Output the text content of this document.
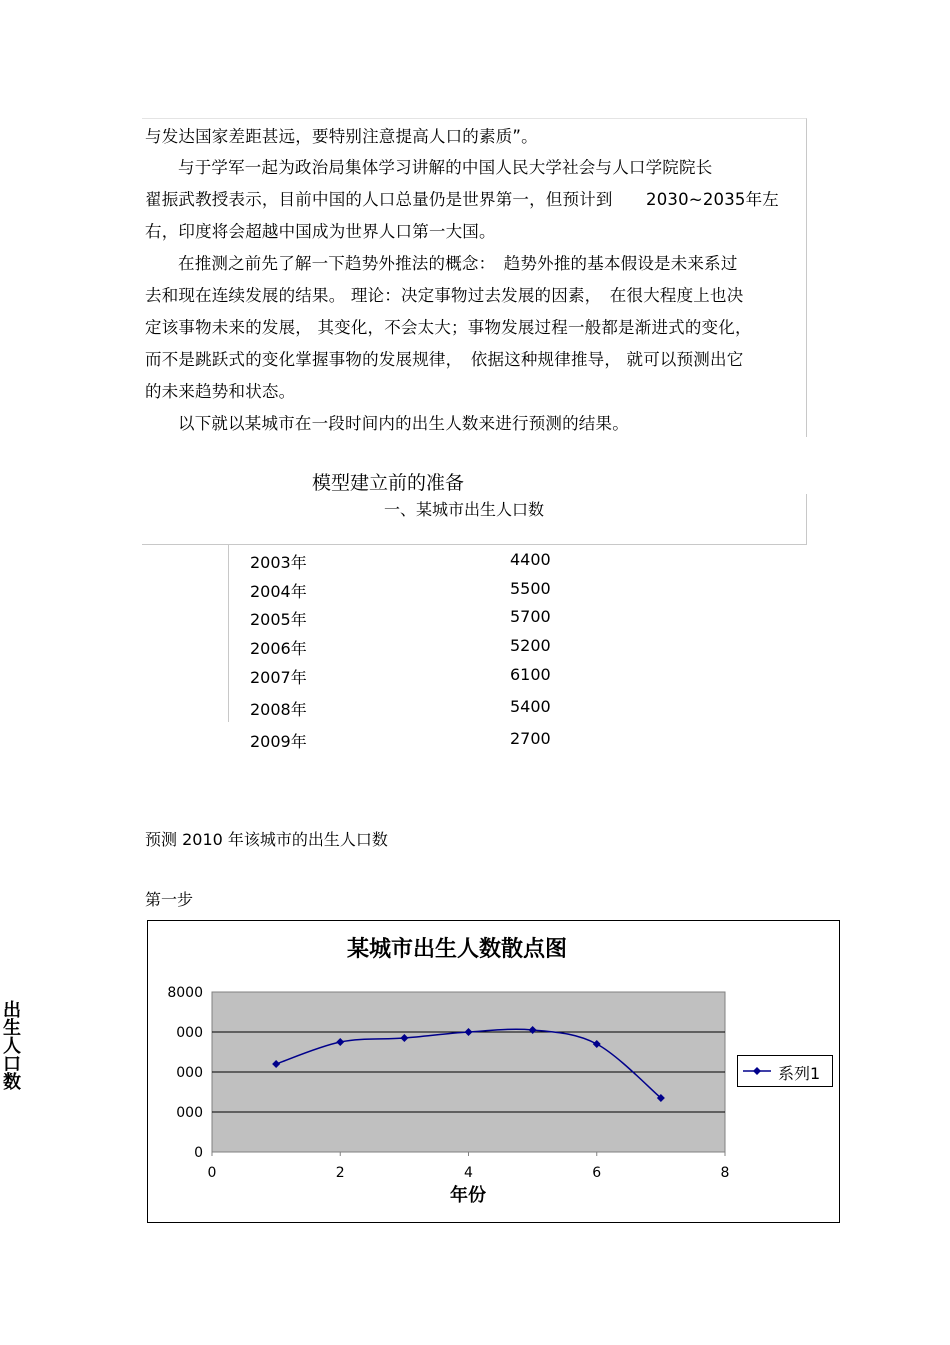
与发达国家差距甚远，要特别注意提高人口的素质”。
与于学军一起为政治局集体学习讲解的中国人民大学社会与人口学院院长
翟振武教授表示，目前中国的人口总量仍是世界第一，但预计到　　2030~2035年左
右，印度将会超越中国成为世界人口第一大国。
在推测之前先了解一下趋势外推法的概念：　趋势外推的基本假设是未来系过
去和现在连续发展的结果。 理论：决定事物过去发展的因素，　在很大程度上也决
定该事物未来的发展， 其变化，不会太大；事物发展过程一般都是渐进式的变化，
而不是跳跃式的变化掌握事物的发展规律，　依据这种规律推导， 就可以预测出它
的未来趋势和状态。
以下就以某城市在一段时间内的出生人数来进行预测的结果。
模型建立前的准备
一、某城市出生人口数
2003年	4400
2004年	5500
2005年	5700
2006年	5200
2007年	6100
2008年	5400
2009年	2700
预测 2010 年该城市的出生人口数
第一步
0
000
000
000
8000
0	2	4	6	8
某城市出生人数散点图
出生人口数
年份
系列1
